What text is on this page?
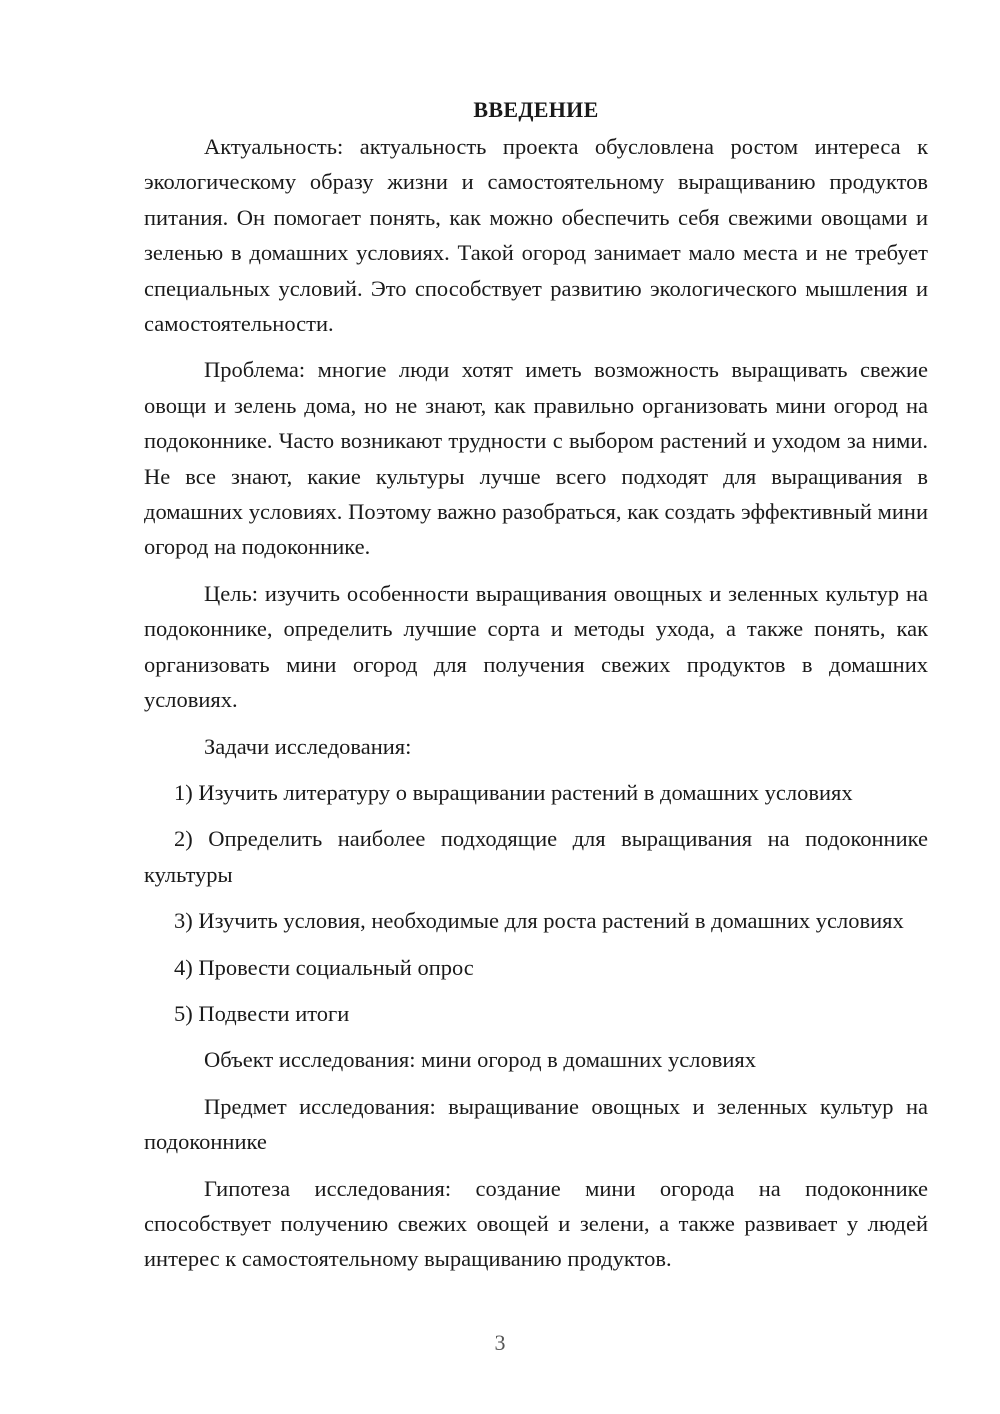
ВВЕДЕНИЕ

Актуальность: актуальность проекта обусловлена ростом интереса к экологическому образу жизни и самостоятельному выращиванию продуктов питания. Он помогает понять, как можно обеспечить себя свежими овощами и зеленью в домашних условиях. Такой огород занимает мало места и не требует специальных условий. Это способствует развитию экологического мышления и самостоятельности.

Проблема: многие люди хотят иметь возможность выращивать свежие овощи и зелень дома, но не знают, как правильно организовать мини огород на подоконнике. Часто возникают трудности с выбором растений и уходом за ними. Не все знают, какие культуры лучше всего подходят для выращивания в домашних условиях. Поэтому важно разобраться, как создать эффективный мини огород на подоконнике.

Цель: изучить особенности выращивания овощных и зеленных культур на подоконнике, определить лучшие сорта и методы ухода, а также понять, как организовать мини огород для получения свежих продуктов в домашних условиях.

Задачи исследования:

1) Изучить литературу о выращивании растений в домашних условиях

2) Определить наиболее подходящие для выращивания на подоконнике культуры

3) Изучить условия, необходимые для роста растений в домашних условиях

4) Провести социальный опрос

5) Подвести итоги

Объект исследования: мини огород в домашних условиях

Предмет исследования: выращивание овощных и зеленных культур на подоконнике

Гипотеза исследования: создание мини огорода на подоконнике способствует получению свежих овощей и зелени, а также развивает у людей интерес к самостоятельному выращиванию продуктов.

3
